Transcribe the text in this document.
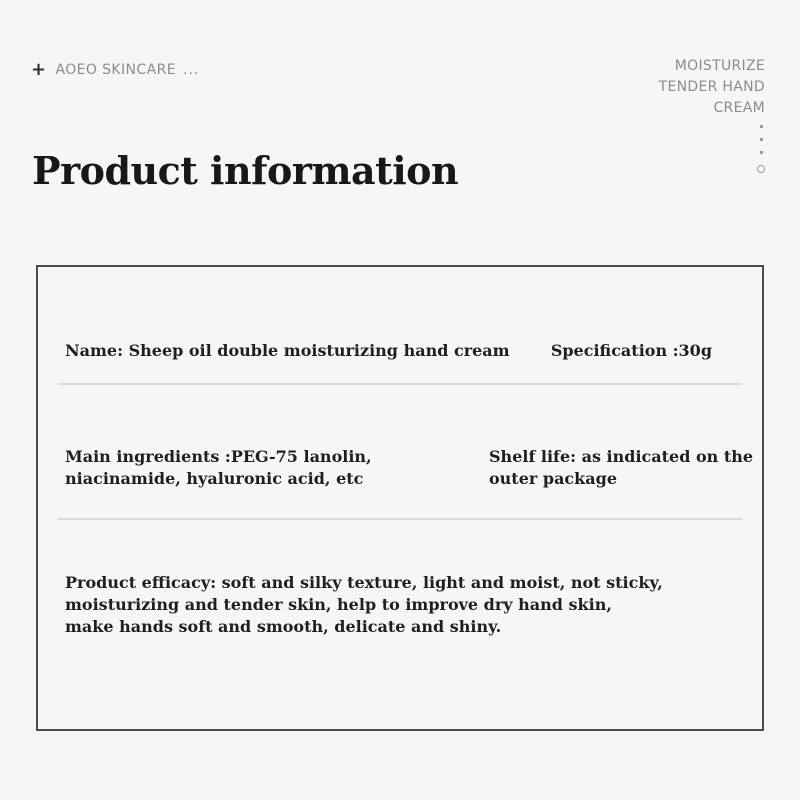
+ AOEO SKINCARE ...	MOISTURIZE
TENDER HAND
CREAM
Product information
Name: Sheep oil double moisturizing hand cream	Specification :30g
Main ingredients :PEG-75 lanolin, niacinamide, hyaluronic acid, etc
Shelf life: as indicated on the outer package
Product efficacy: soft and silky texture, light and moist, not sticky, moisturizing and tender skin, help to improve dry hand skin, make hands soft and smooth, delicate and shiny.
